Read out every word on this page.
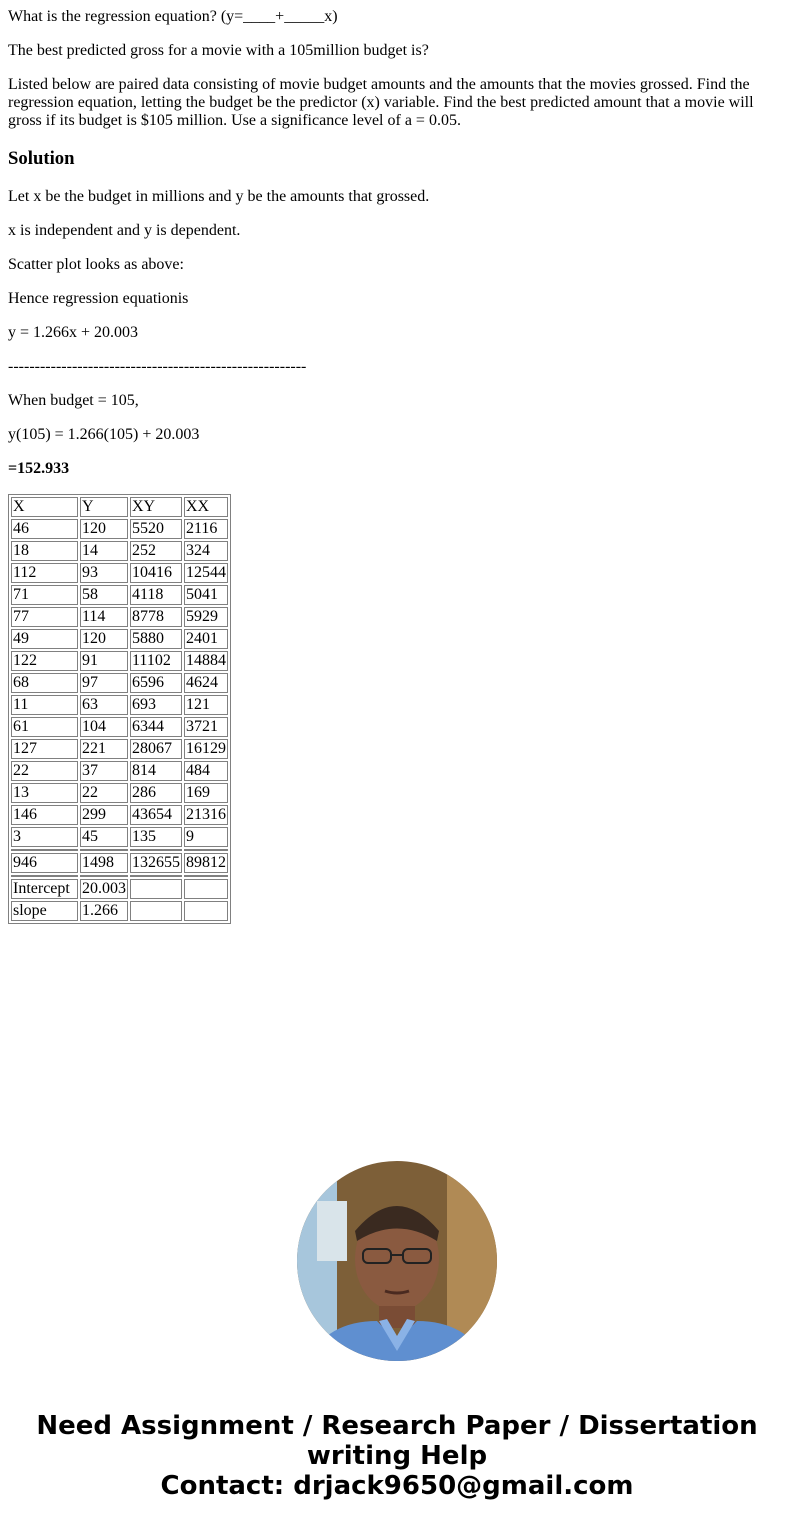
What is the regression equation? (y=____+_____x)

The best predicted gross for a movie with a 105million budget is?

Listed below are paired data consisting of movie budget amounts and the amounts that the movies grossed. Find the regression equation, letting the budget be the predictor (x) variable. Find the best predicted amount that a movie will gross if its budget is $105 million. Use a significance level of a = 0.05.

Solution

Let x be the budget in millions and y be the amounts that grossed.

x is independent and y is dependent.

Scatter plot looks as above:

Hence regression equationis

y = 1.266x + 20.003

--------------------------------------------------------

When budget = 105,

y(105) = 1.266(105) + 20.003

=152.933

X	Y	XY	XX
46	120	5520	2116
18	14	252	324
112	93	10416	12544
71	58	4118	5041
77	114	8778	5929
49	120	5880	2401
122	91	11102	14884
68	97	6596	4624
11	63	693	121
61	104	6344	3721
127	221	28067	16129
22	37	814	484
13	22	286	169
146	299	43654	21316
3	45	135	9

946	1498	132655	89812

Intercept	20.003		
slope	1.266		
Need Assignment / Research Paper / Dissertation
writing Help
Contact: drjack9650@gmail.com
